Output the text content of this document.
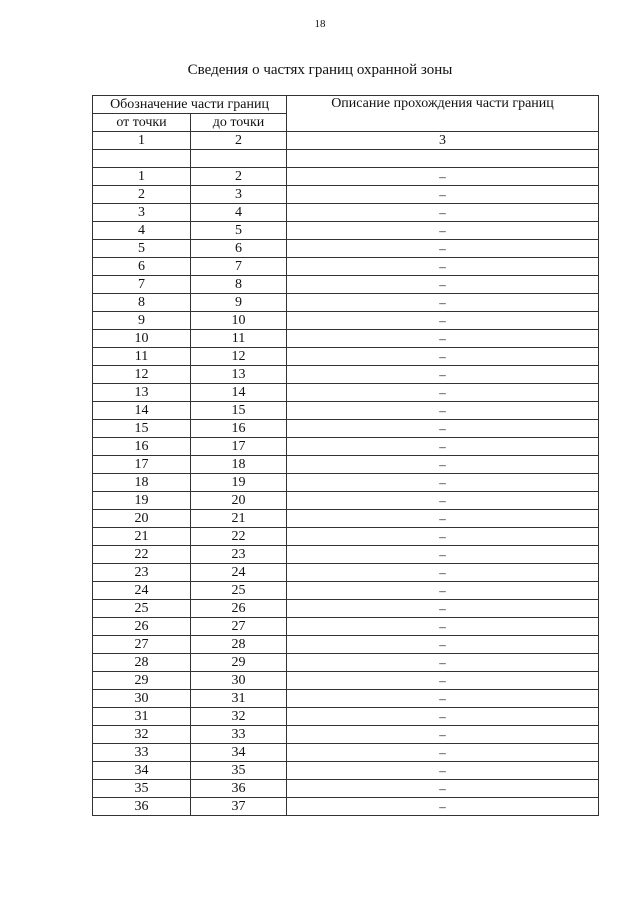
18
Сведения о частях границ охранной зоны
Обозначение части границ		Описание прохождения части границ
от точки	до точки	
1	2	3

1	2	–
2	3	–
3	4	–
4	5	–
5	6	–
6	7	–
7	8	–
8	9	–
9	10	–
10	11	–
11	12	–
12	13	–
13	14	–
14	15	–
15	16	–
16	17	–
17	18	–
18	19	–
19	20	–
20	21	–
21	22	–
22	23	–
23	24	–
24	25	–
25	26	–
26	27	–
27	28	–
28	29	–
29	30	–
30	31	–
31	32	–
32	33	–
33	34	–
34	35	–
35	36	–
36	37	–
